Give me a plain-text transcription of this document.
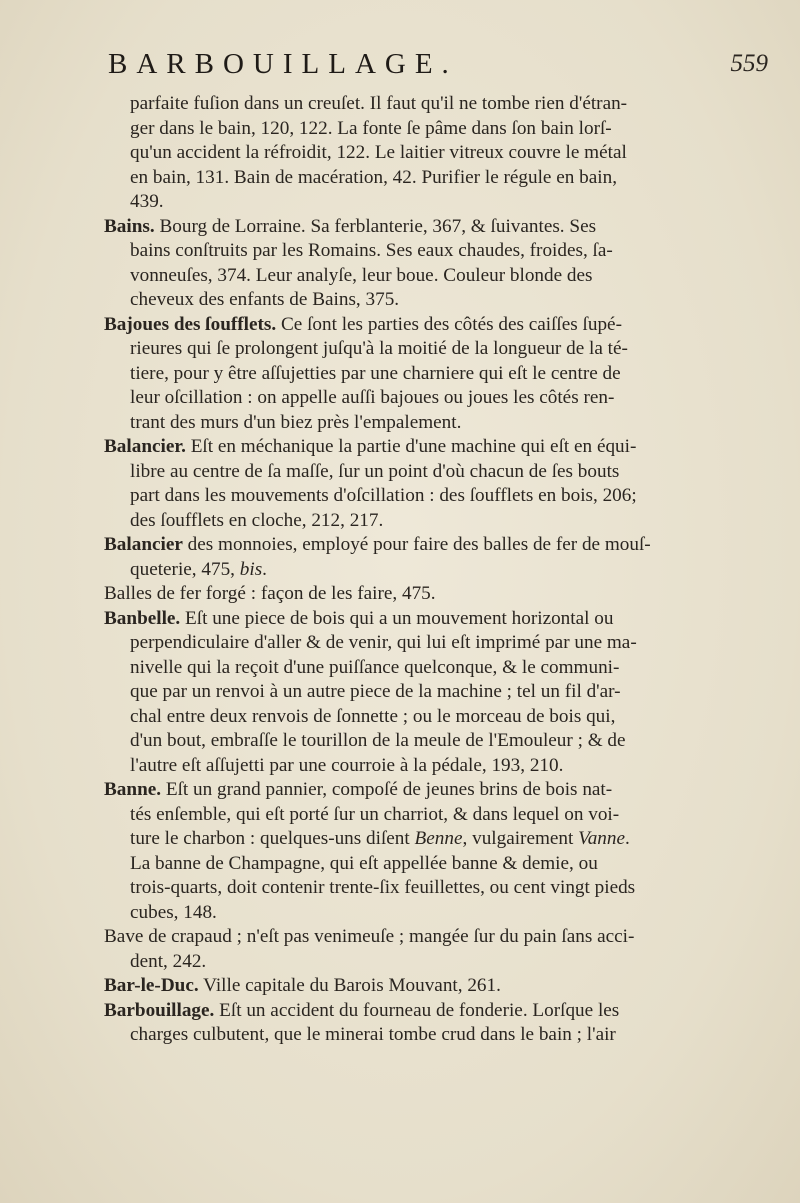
BARBOUILLAGE.	559
parfaite fuſion dans un creuſet. Il faut qu'il ne tombe rien d'étran-
ger dans le bain, 120, 122. La fonte ſe pâme dans ſon bain lorſ-
qu'un accident la réfroidit, 122. Le laitier vitreux couvre le métal
en bain, 131. Bain de macération, 42. Purifier le régule en bain,
439.
Bains. Bourg de Lorraine. Sa ferblanterie, 367, & ſuivantes. Ses
bains conſtruits par les Romains. Ses eaux chaudes, froides, ſa-
vonneuſes, 374. Leur analyſe, leur boue. Couleur blonde des
cheveux des enfants de Bains, 375.
Bajoues des ſoufflets. Ce ſont les parties des côtés des caiſſes ſupé-
rieures qui ſe prolongent juſqu'à la moitié de la longueur de la té-
tiere, pour y être aſſujetties par une charniere qui eſt le centre de
leur oſcillation : on appelle auſſi bajoues ou joues les côtés ren-
trant des murs d'un biez près l'empalement.
Balancier. Eſt en méchanique la partie d'une machine qui eſt en équi-
libre au centre de ſa maſſe, ſur un point d'où chacun de ſes bouts
part dans les mouvements d'oſcillation : des ſoufflets en bois, 206;
des ſoufflets en cloche, 212, 217.
Balancier des monnoies, employé pour faire des balles de fer de mouſ-
queterie, 475, bis.
Balles de fer forgé : façon de les faire, 475.
Banbelle. Eſt une piece de bois qui a un mouvement horizontal ou
perpendiculaire d'aller & de venir, qui lui eſt imprimé par une ma-
nivelle qui la reçoit d'une puiſſance quelconque, & le communi-
que par un renvoi à un autre piece de la machine ; tel un fil d'ar-
chal entre deux renvois de ſonnette ; ou le morceau de bois qui,
d'un bout, embraſſe le tourillon de la meule de l'Emouleur ; & de
l'autre eſt aſſujetti par une courroie à la pédale, 193, 210.
Banne. Eſt un grand pannier, compoſé de jeunes brins de bois nat-
tés enſemble, qui eſt porté ſur un charriot, & dans lequel on voi-
ture le charbon : quelques-uns diſent Benne, vulgairement Vanne.
La banne de Champagne, qui eſt appellée banne & demie, ou
trois-quarts, doit contenir trente-ſix feuillettes, ou cent vingt pieds
cubes, 148.
Bave de crapaud ; n'eſt pas venimeuſe ; mangée ſur du pain ſans acci-
dent, 242.
Bar-le-Duc. Ville capitale du Barois Mouvant, 261.
Barbouillage. Eſt un accident du fourneau de fonderie. Lorſque les
charges culbutent, que le minerai tombe crud dans le bain ; l'air
